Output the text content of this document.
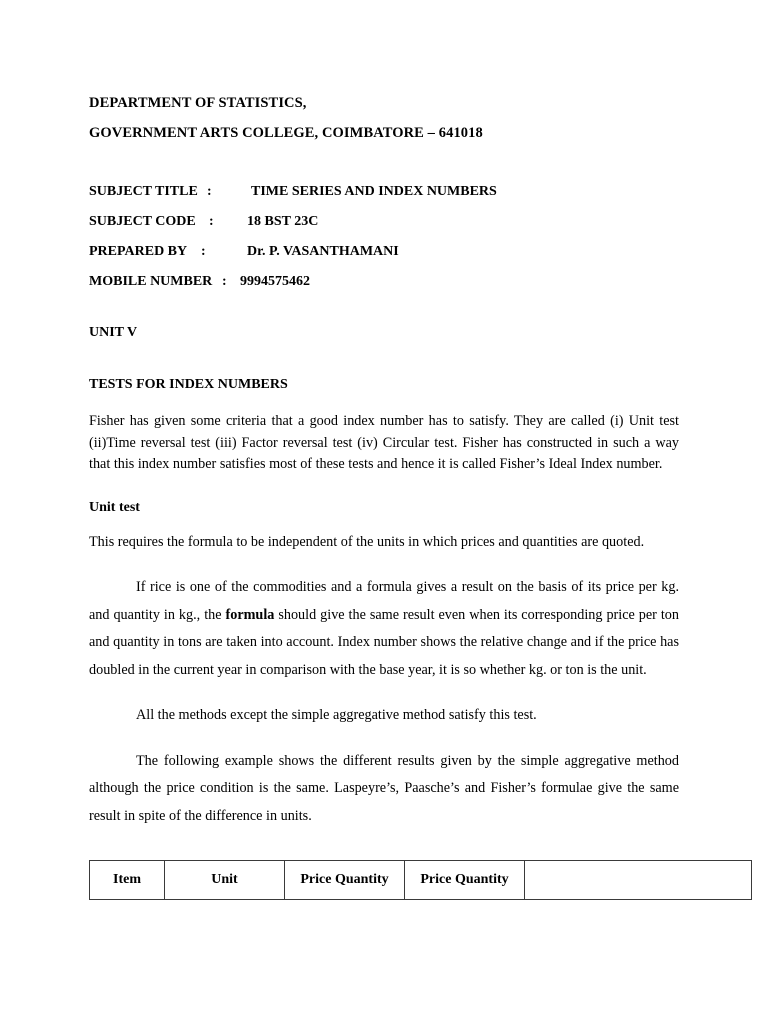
DEPARTMENT OF STATISTICS,
GOVERNMENT ARTS COLLEGE, COIMBATORE – 641018
SUBJECT TITLE :	TIME SERIES AND INDEX NUMBERS
SUBJECT CODE : 18 BST 23C
PREPARED BY :	Dr. P. VASANTHAMANI
MOBILE NUMBER : 9994575462
UNIT V
TESTS FOR INDEX NUMBERS

Fisher has given some criteria that a good index number has to satisfy. They are called (i) Unit test (ii)Time reversal test (iii) Factor reversal test (iv) Circular test. Fisher has constructed in such a way that this index number satisfies most of these tests and hence it is called Fisher’s Ideal Index number.

Unit test

This requires the formula to be independent of the units in which prices and quantities are quoted.

If rice is one of the commodities and a formula gives a result on the basis of its price per kg. and quantity in kg., the formula should give the same result even when its corresponding price per ton and quantity in tons are taken into account. Index number shows the relative change and if the price has doubled in the current year in comparison with the base year, it is so whether kg. or ton is the unit.

All the methods except the simple aggregative method satisfy this test.

The following example shows the different results given by the simple aggregative method although the price condition is the same. Laspeyre’s, Paasche’s and Fisher’s formulae give the same result in spite of the difference in units.

Item	Unit	Price Quantity	Price Quantity	
